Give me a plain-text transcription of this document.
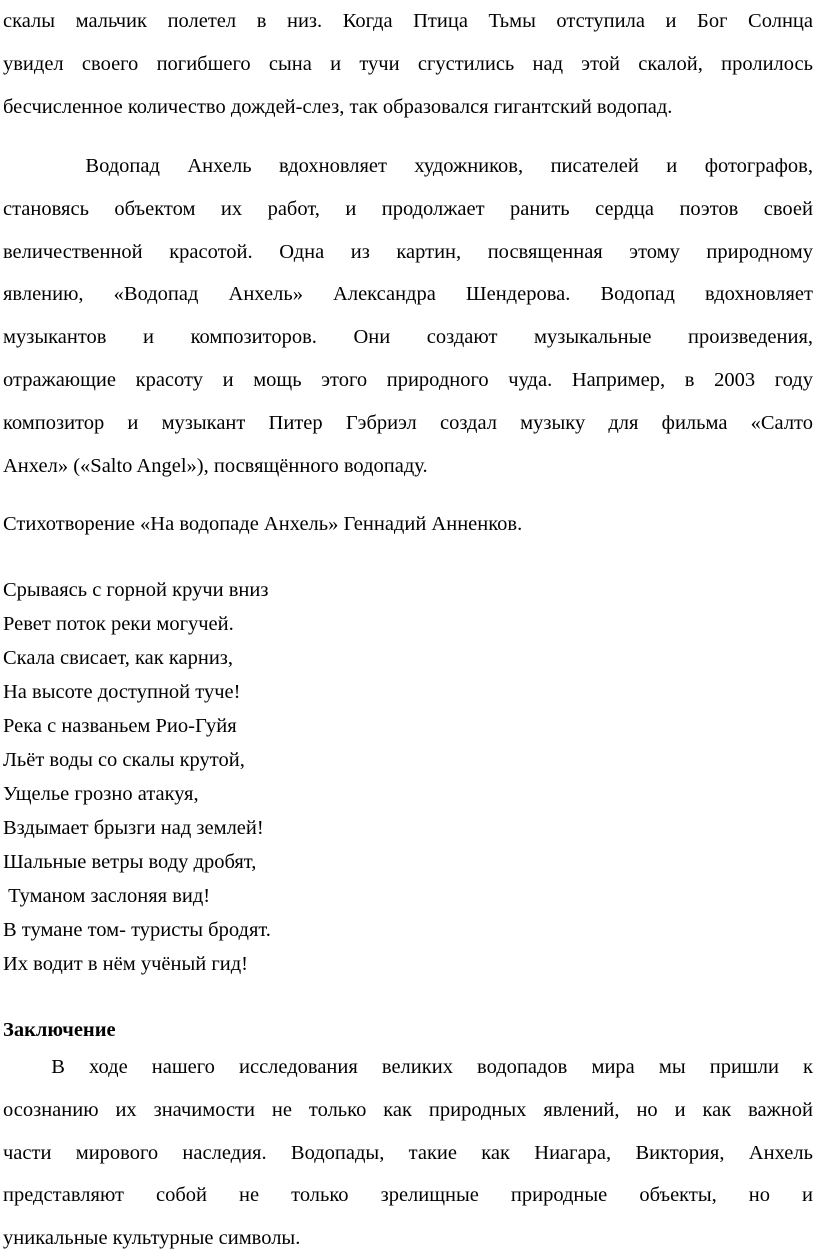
скалы мальчик полетел в низ. Когда Птица Тьмы отступила и Бог Солнца
увидел своего погибшего сына и тучи сгустились над этой скалой, пролилось
бесчисленное количество дождей-слез, так образовался гигантский водопад.
Водопад Анхель вдохновляет художников, писателей и фотографов,
становясь объектом их работ, и продолжает ранить сердца поэтов своей
величественной красотой. Одна из картин, посвященная этому природному
явлению, «Водопад Анхель» Александра Шендерова. Водопад вдохновляет
музыкантов и композиторов. Они создают музыкальные произведения,
отражающие красоту и мощь этого природного чуда. Например, в 2003 году
композитор и музыкант Питер Гэбриэл создал музыку для фильма «Салто
Анхел» («Salto Angel»), посвящённого водопаду.
Стихотворение «На водопаде Анхель» Геннадий Анненков.
Срываясь с горной кручи вниз
Ревет поток реки могучей.
Скала свисает, как карниз,
На высоте доступной туче!
Река с названьем Рио-Гуйя
Льёт воды со скалы крутой,
Ущелье грозно атакуя,
Вздымает брызги над землей!
Шальные ветры воду дробят,
Туманом заслоняя вид!
В тумане том- туристы бродят.
Их водит в нём учёный гид!
Заключение
В ходе нашего исследования великих водопадов мира мы пришли к
осознанию их значимости не только как природных явлений, но и как важной
части мирового наследия. Водопады, такие как Ниагара, Виктория, Анхель
представляют собой не только зрелищные природные объекты, но и
уникальные культурные символы.
